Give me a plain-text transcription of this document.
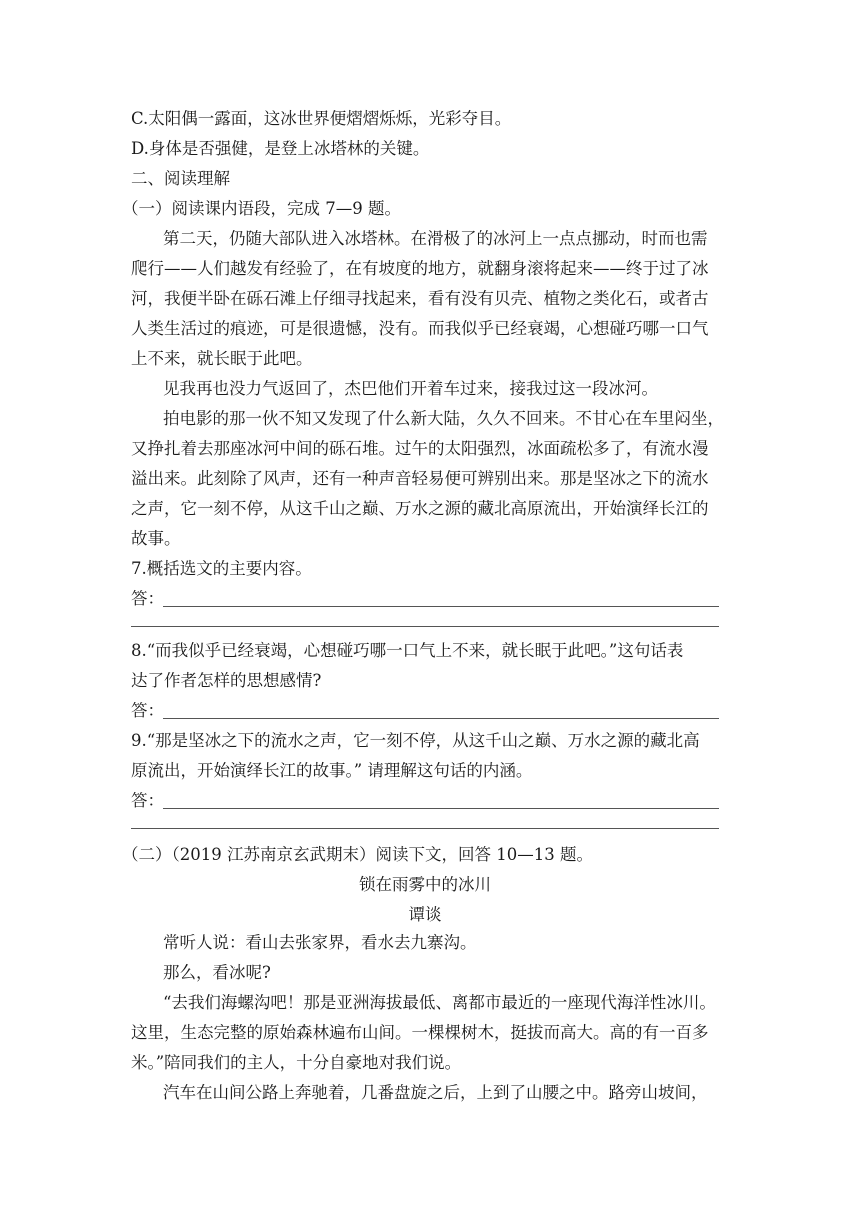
C.太阳偶一露面，这冰世界便熠熠烁烁，光彩夺目。
D.身体是否强健，是登上冰塔林的关键。
二、阅读理解
（一）阅读课内语段，完成 7—9 题。
第二天，仍随大部队进入冰塔林。在滑极了的冰河上一点点挪动，时而也需
爬行——人们越发有经验了，在有坡度的地方，就翻身滚将起来——终于过了冰
河，我便半卧在砾石滩上仔细寻找起来，看有没有贝壳、植物之类化石，或者古
人类生活过的痕迹，可是很遗憾，没有。而我似乎已经衰竭，心想碰巧哪一口气
上不来，就长眠于此吧。
见我再也没力气返回了，杰巴他们开着车过来，接我过这一段冰河。
拍电影的那一伙不知又发现了什么新大陆，久久不回来。不甘心在车里闷坐，
又挣扎着去那座冰河中间的砾石堆。过午的太阳强烈，冰面疏松多了，有流水漫
溢出来。此刻除了风声，还有一种声音轻易便可辨别出来。那是坚冰之下的流水
之声，它一刻不停，从这千山之巅、万水之源的藏北高原流出，开始演绎长江的
故事。
7.概括选文的主要内容。
答：
8.“而我似乎已经衰竭，心想碰巧哪一口气上不来，就长眠于此吧。”这句话表
达了作者怎样的思想感情?
答：
9.“那是坚冰之下的流水之声，它一刻不停，从这千山之巅、万水之源的藏北高
原流出，开始演绎长江的故事。” 请理解这句话的内涵。
答：
（二）（2019 江苏南京玄武期末）阅读下文，回答 10—13 题。
锁在雨雾中的冰川
谭谈
常听人说：看山去张家界，看水去九寨沟。
那么，看冰呢?
“去我们海螺沟吧！那是亚洲海拔最低、离都市最近的一座现代海洋性冰川。
这里，生态完整的原始森林遍布山间。一棵棵树木，挺拔而高大。高的有一百多
米。”陪同我们的主人，十分自豪地对我们说。
汽车在山间公路上奔驰着，几番盘旋之后，上到了山腰之中。路旁山坡间，
